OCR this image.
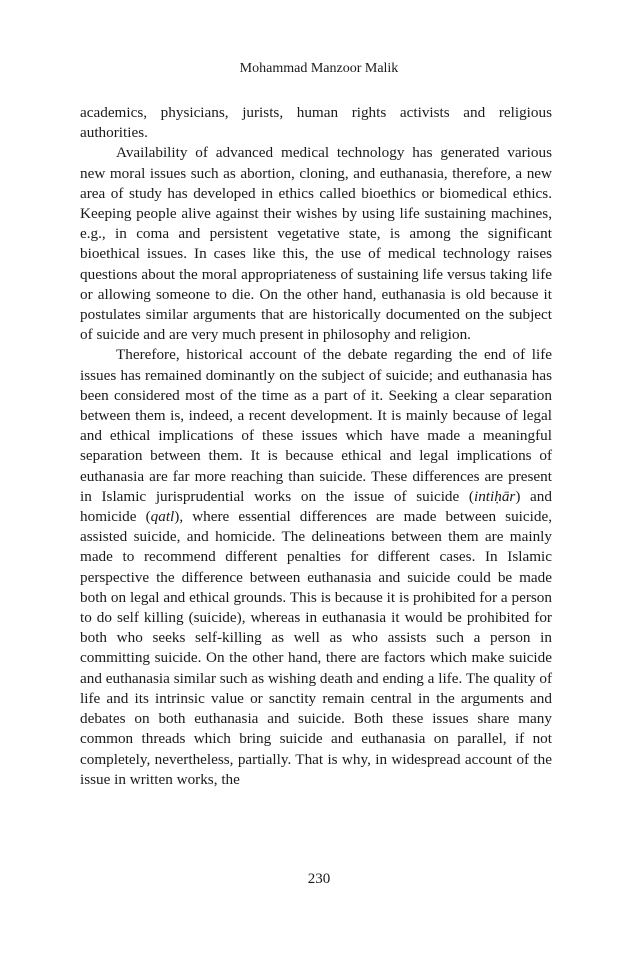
Mohammad Manzoor Malik

academics, physicians, jurists, human rights activists and religious authorities.

Availability of advanced medical technology has generated various new moral issues such as abortion, cloning, and euthanasia, therefore, a new area of study has developed in ethics called bioethics or biomedical ethics. Keeping people alive against their wishes by using life sustaining machines, e.g., in coma and persistent vegetative state, is among the significant bioethical issues. In cases like this, the use of medical technology raises questions about the moral appropriateness of sustaining life versus taking life or allowing someone to die. On the other hand, euthanasia is old because it postulates similar arguments that are historically documented on the subject of suicide and are very much present in philosophy and religion.

Therefore, historical account of the debate regarding the end of life issues has remained dominantly on the subject of suicide; and euthanasia has been considered most of the time as a part of it. Seeking a clear separation between them is, indeed, a recent development. It is mainly because of legal and ethical implications of these issues which have made a meaningful separation between them. It is because ethical and legal implications of euthanasia are far more reaching than suicide. These differences are present in Islamic jurisprudential works on the issue of suicide (intiḥār) and homicide (qatl), where essential differences are made between suicide, assisted suicide, and homicide. The delineations between them are mainly made to recommend different penalties for different cases. In Islamic perspective the difference between euthanasia and suicide could be made both on legal and ethical grounds. This is because it is prohibited for a person to do self killing (suicide), whereas in euthanasia it would be prohibited for both who seeks self-killing as well as who assists such a person in committing suicide. On the other hand, there are factors which make suicide and euthanasia similar such as wishing death and ending a life. The quality of life and its intrinsic value or sanctity remain central in the arguments and debates on both euthanasia and suicide. Both these issues share many common threads which bring suicide and euthanasia on parallel, if not completely, nevertheless, partially. That is why, in widespread account of the issue in written works, the

230
